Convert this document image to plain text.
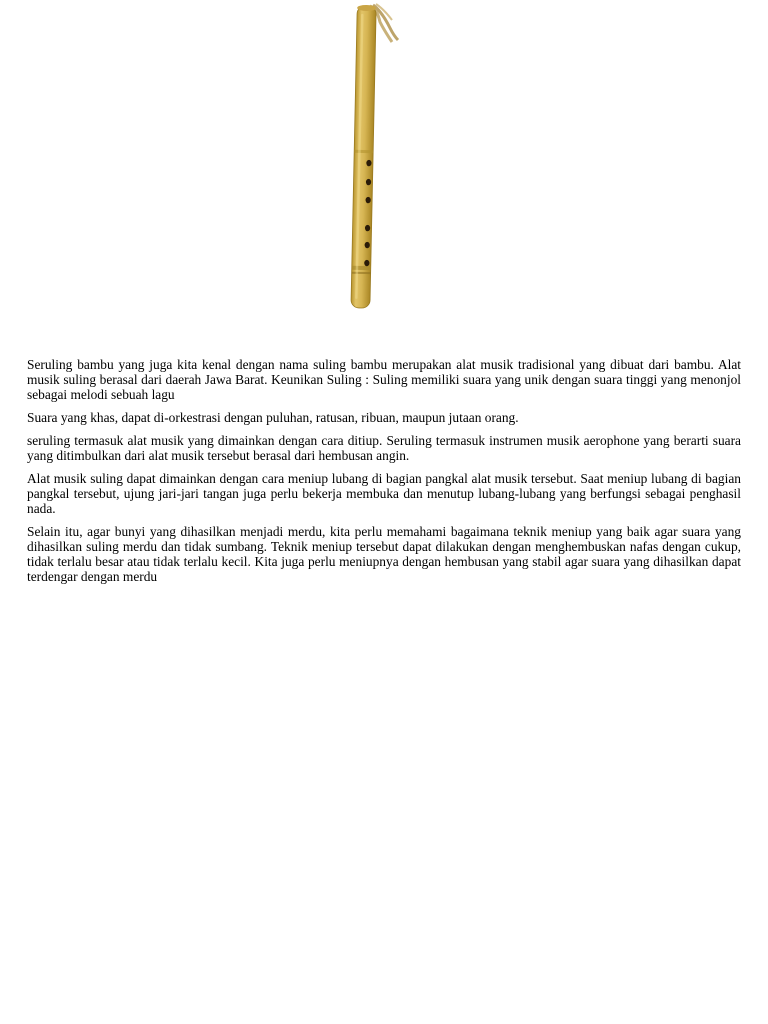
Seruling bambu yang juga kita kenal dengan nama suling bambu merupakan alat musik tradisional yang dibuat dari bambu. Alat musik suling berasal dari daerah Jawa Barat. Keunikan Suling : Suling memiliki suara yang unik dengan suara tinggi yang menonjol sebagai melodi sebuah lagu

Suara yang khas, dapat di-orkestrasi dengan puluhan, ratusan, ribuan, maupun jutaan orang.

seruling termasuk alat musik yang dimainkan dengan cara ditiup. Seruling termasuk instrumen musik aerophone yang berarti suara yang ditimbulkan dari alat musik tersebut berasal dari hembusan angin.

Alat musik suling dapat dimainkan dengan cara meniup lubang di bagian pangkal alat musik tersebut. Saat meniup lubang di bagian pangkal tersebut, ujung jari-jari tangan juga perlu bekerja membuka dan menutup lubang-lubang yang berfungsi sebagai penghasil nada.

Selain itu, agar bunyi yang dihasilkan menjadi merdu, kita perlu memahami bagaimana teknik meniup yang baik agar suara yang dihasilkan suling merdu dan tidak sumbang. Teknik meniup tersebut dapat dilakukan dengan menghembuskan nafas dengan cukup, tidak terlalu besar atau tidak terlalu kecil. Kita juga perlu meniupnya dengan hembusan yang stabil agar suara yang dihasilkan dapat terdengar dengan merdu
